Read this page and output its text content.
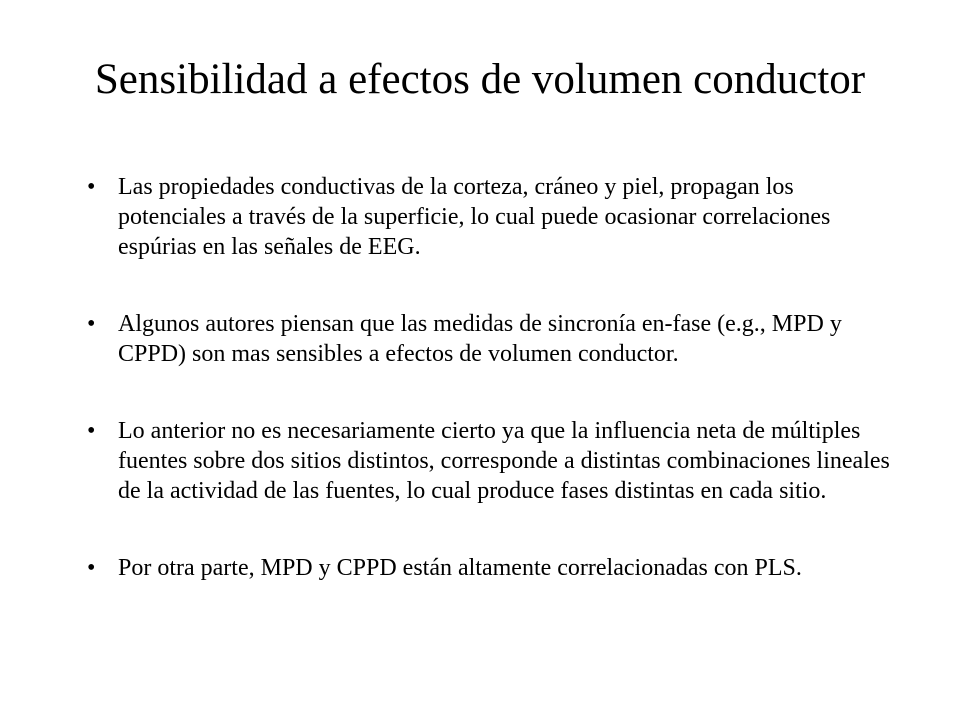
Sensibilidad a efectos de volumen conductor
• Las propiedades conductivas de la corteza, cráneo y piel, propagan los potenciales a través de la superficie, lo cual puede ocasionar correlaciones espúrias en las señales de EEG.
• Algunos autores piensan que las medidas de sincronía en-fase (e.g., MPD y CPPD) son mas sensibles a efectos de volumen conductor.
• Lo anterior no es necesariamente cierto ya que la influencia neta de múltiples fuentes sobre dos sitios distintos, corresponde a distintas combinaciones lineales de la actividad de las fuentes, lo cual produce fases distintas en cada sitio.
• Por otra parte, MPD y CPPD están altamente correlacionadas con PLS.
